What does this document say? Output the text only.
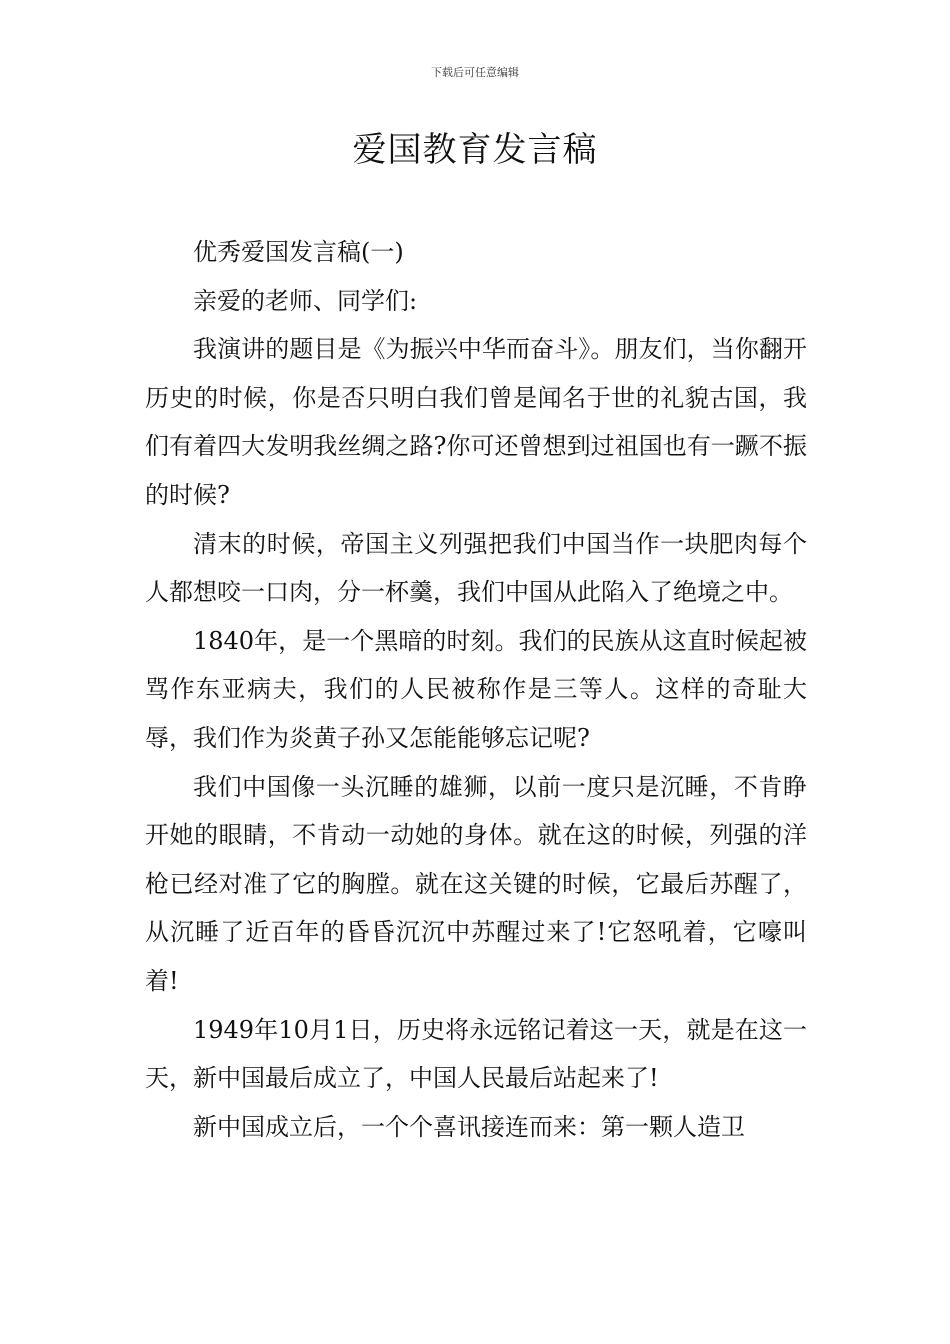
下载后可任意编辑
爱国教育发言稿

优秀爱国发言稿(一)

亲爱的老师、同学们:

我演讲的题目是《为振兴中华而奋斗》。朋友们，当你翻开历史的时候，你是否只明白我们曾是闻名于世的礼貌古国，我们有着四大发明我丝绸之路?你可还曾想到过祖国也有一蹶不振的时候?

清末的时候，帝国主义列强把我们中国当作一块肥肉每个人都想咬一口肉，分一杯羹，我们中国从此陷入了绝境之中。

1840年，是一个黑暗的时刻。我们的民族从这直时候起被骂作东亚病夫，我们的人民被称作是三等人。这样的奇耻大辱，我们作为炎黄子孙又怎能能够忘记呢?

我们中国像一头沉睡的雄狮，以前一度只是沉睡，不肯睁开她的眼睛，不肯动一动她的身体。就在这的时候，列强的洋枪已经对准了它的胸膛。就在这关键的时候，它最后苏醒了，从沉睡了近百年的昏昏沉沉中苏醒过来了!它怒吼着，它嚎叫着!

1949年10月1日，历史将永远铭记着这一天，就是在这一天，新中国最后成立了，中国人民最后站起来了!

新中国成立后，一个个喜讯接连而来：第一颗人造卫
